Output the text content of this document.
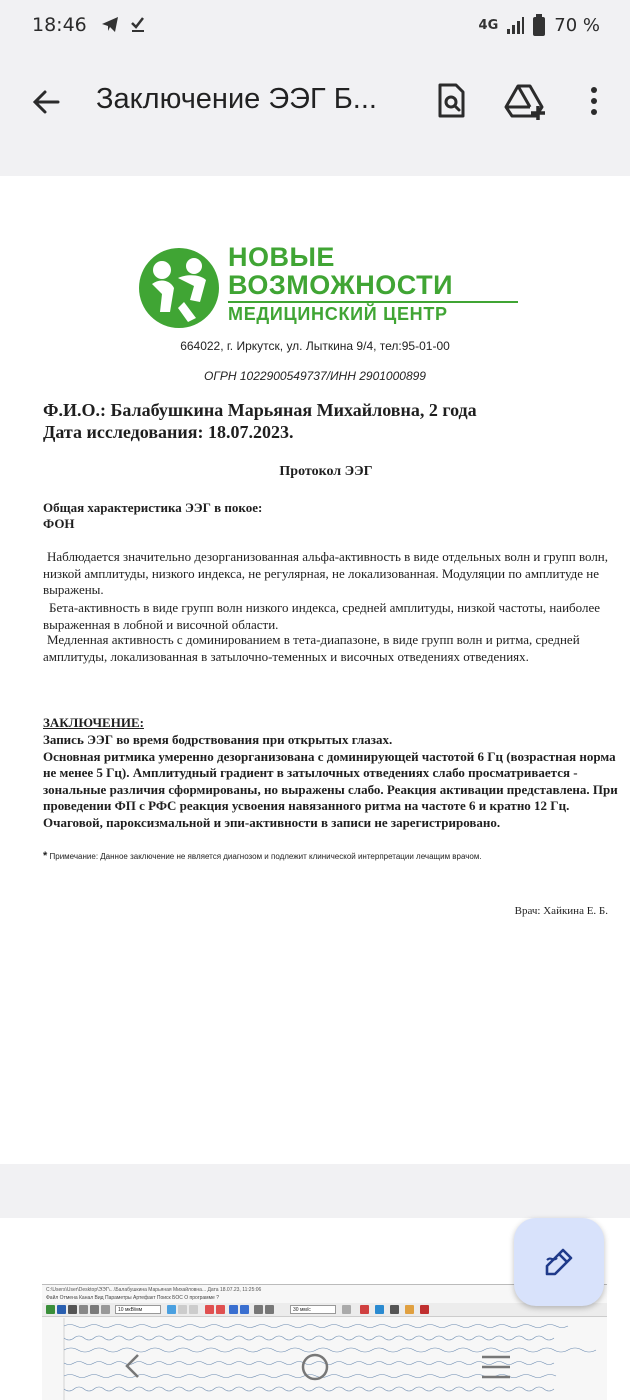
18:46	4G	70 %
Заключение ЭЭГ Б...
НОВЫЕ
ВОЗМОЖНОСТИ
МЕДИЦИНСКИЙ ЦЕНТР
664022, г. Иркутск, ул. Лыткина 9/4, тел:95-01-00
ОГРН 1022900549737/ИНН 2901000899
Ф.И.О.: Балабушкина Марьяная Михайловна, 2 года
Дата исследования: 18.07.2023.
Протокол ЭЭГ
Общая характеристика ЭЭГ в покое:
ФОН
Наблюдается значительно дезорганизованная альфа-активность в виде отдельных волн и групп волн, низкой амплитуды, низкого индекса, не регулярная, не локализованная. Модуляции по амплитуде не выражены.
Бета-активность в виде групп волн низкого индекса, средней амплитуды, низкой частоты, наиболее выраженная в лобной и височной области.
Медленная активность с доминированием в тета-диапазоне, в виде групп волн и ритма, средней амплитуды, локализованная в затылочно-теменных и височных отведениях отведениях.
ЗАКЛЮЧЕНИЕ:
Запись ЭЭГ во время бодрствования при открытых глазах.
Основная ритмика умеренно дезорганизована с доминирующей частотой 6 Гц (возрастная норма не менее 5 Гц). Амплитудный градиент в затылочных отведениях слабо просматривается - зональные различия сформированы, но выражены слабо. Реакция активации представлена. При проведении ФП с РФС реакция усвоения навязанного ритма на частоте 6 и кратно 12 Гц.
Очаговой, пароксизмальной и эпи-активности в записи не зарегистрировано.
* Примечание: Данное заключение не является диагнозом и подлежит клинической интерпретации лечащим врачом.
Врач: Хайкина Е. Б.
C:\Users\User\Desktop\ЭЭГ\...\Балабушкина Марьяная Михайловна... Дата 18.07.23, 11:25:06
Файл Отмена Канал Вид Параметры Артефакт Поиск БОС О программе ?
10 мкВ/мм	30 мм/с
